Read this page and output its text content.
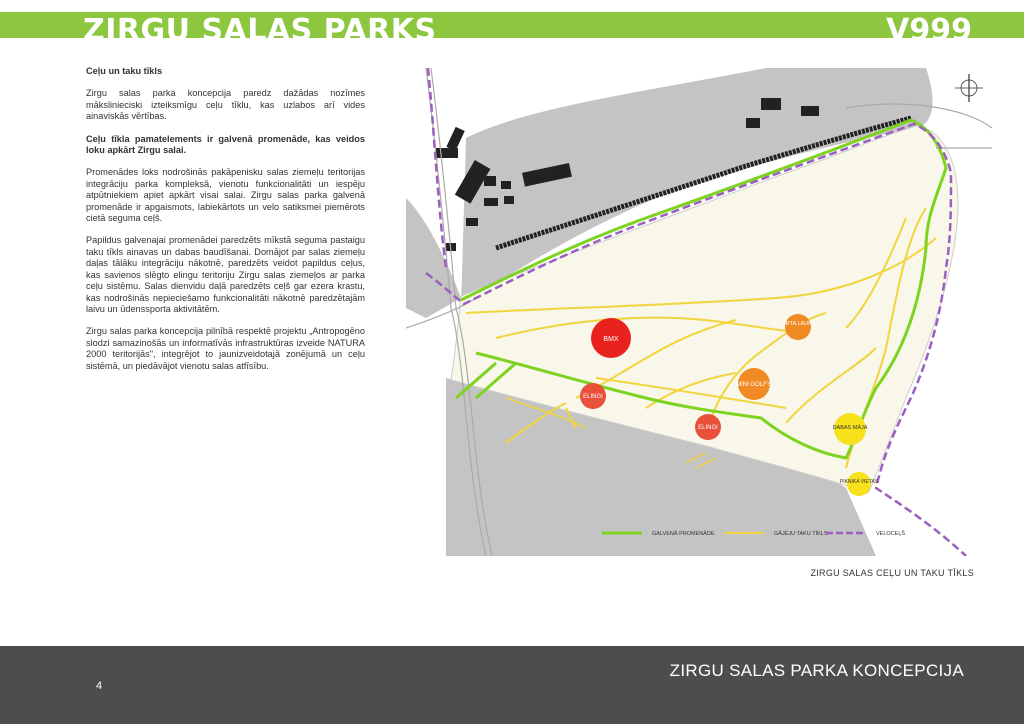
ZIRGU SALAS PARKS	V999

Ceļu un taku tīkls

Zirgu salas parka koncepcija paredz dažādas nozīmes mākslinieciski izteiksmīgu ceļu tīklu, kas uzlabos arī vides ainaviskās vērtības.

Ceļu tīkla pamatelements ir galvenā promenāde, kas veidos loku apkārt Zirgu salai.

Promenādes loks nodrošinās pakāpenisku salas ziemeļu teritorijas integrāciju parka kompleksā, vienotu funkcionalitāti un iespēju atpūtniekiem apiet apkārt visai salai. Zirgu salas parka galvenā promenāde ir apgaismots, labiekārtots un velo satiksmei piemērots cietā seguma ceļš.

Papildus galvenajai promenādei paredzēts mīkstā seguma pastaigu taku tīkls ainavas un dabas baudīšanai. Domājot par salas ziemeļu daļas tālāku integrāciju nākotnē, paredzēts veidot papildus ceļus, kas savienos slēgto elingu teritoriju Zirgu salas ziemeļos ar parka ceļu sistēmu. Salas dienvidu daļā paredzēts ceļš gar ezera krastu, kas nodrošinās nepieciešamo funkcionalitāti nākotnē paredzētajām laivu un ūdenssporta aktivitātēm.

Zirgu salas parka koncepcija pilnībā respektē projektu „Antropogēno slodzi samazinošās un informatīvās infrastruktūras izveide NATURA 2000 teritorijās", integrējot to jaunizveidotajā zonējumā un ceļu sistēmā, un piedāvājot vienotu salas atfīsību.

BMX
SPORTA LAUKUMI
MINI GOLF'S
ELINGI
ELINGI	DABAS MĀJA
PIKNIKA VIETAS
GALVENĀ PROMENĀDE	GĀJĒJU TAKU TĪKLS	VELOCEĻŠ
ZIRGU SALAS CEĻU UN TAKU TĪKLS
4
ZIRGU SALAS PARKA KONCEPCIJA
